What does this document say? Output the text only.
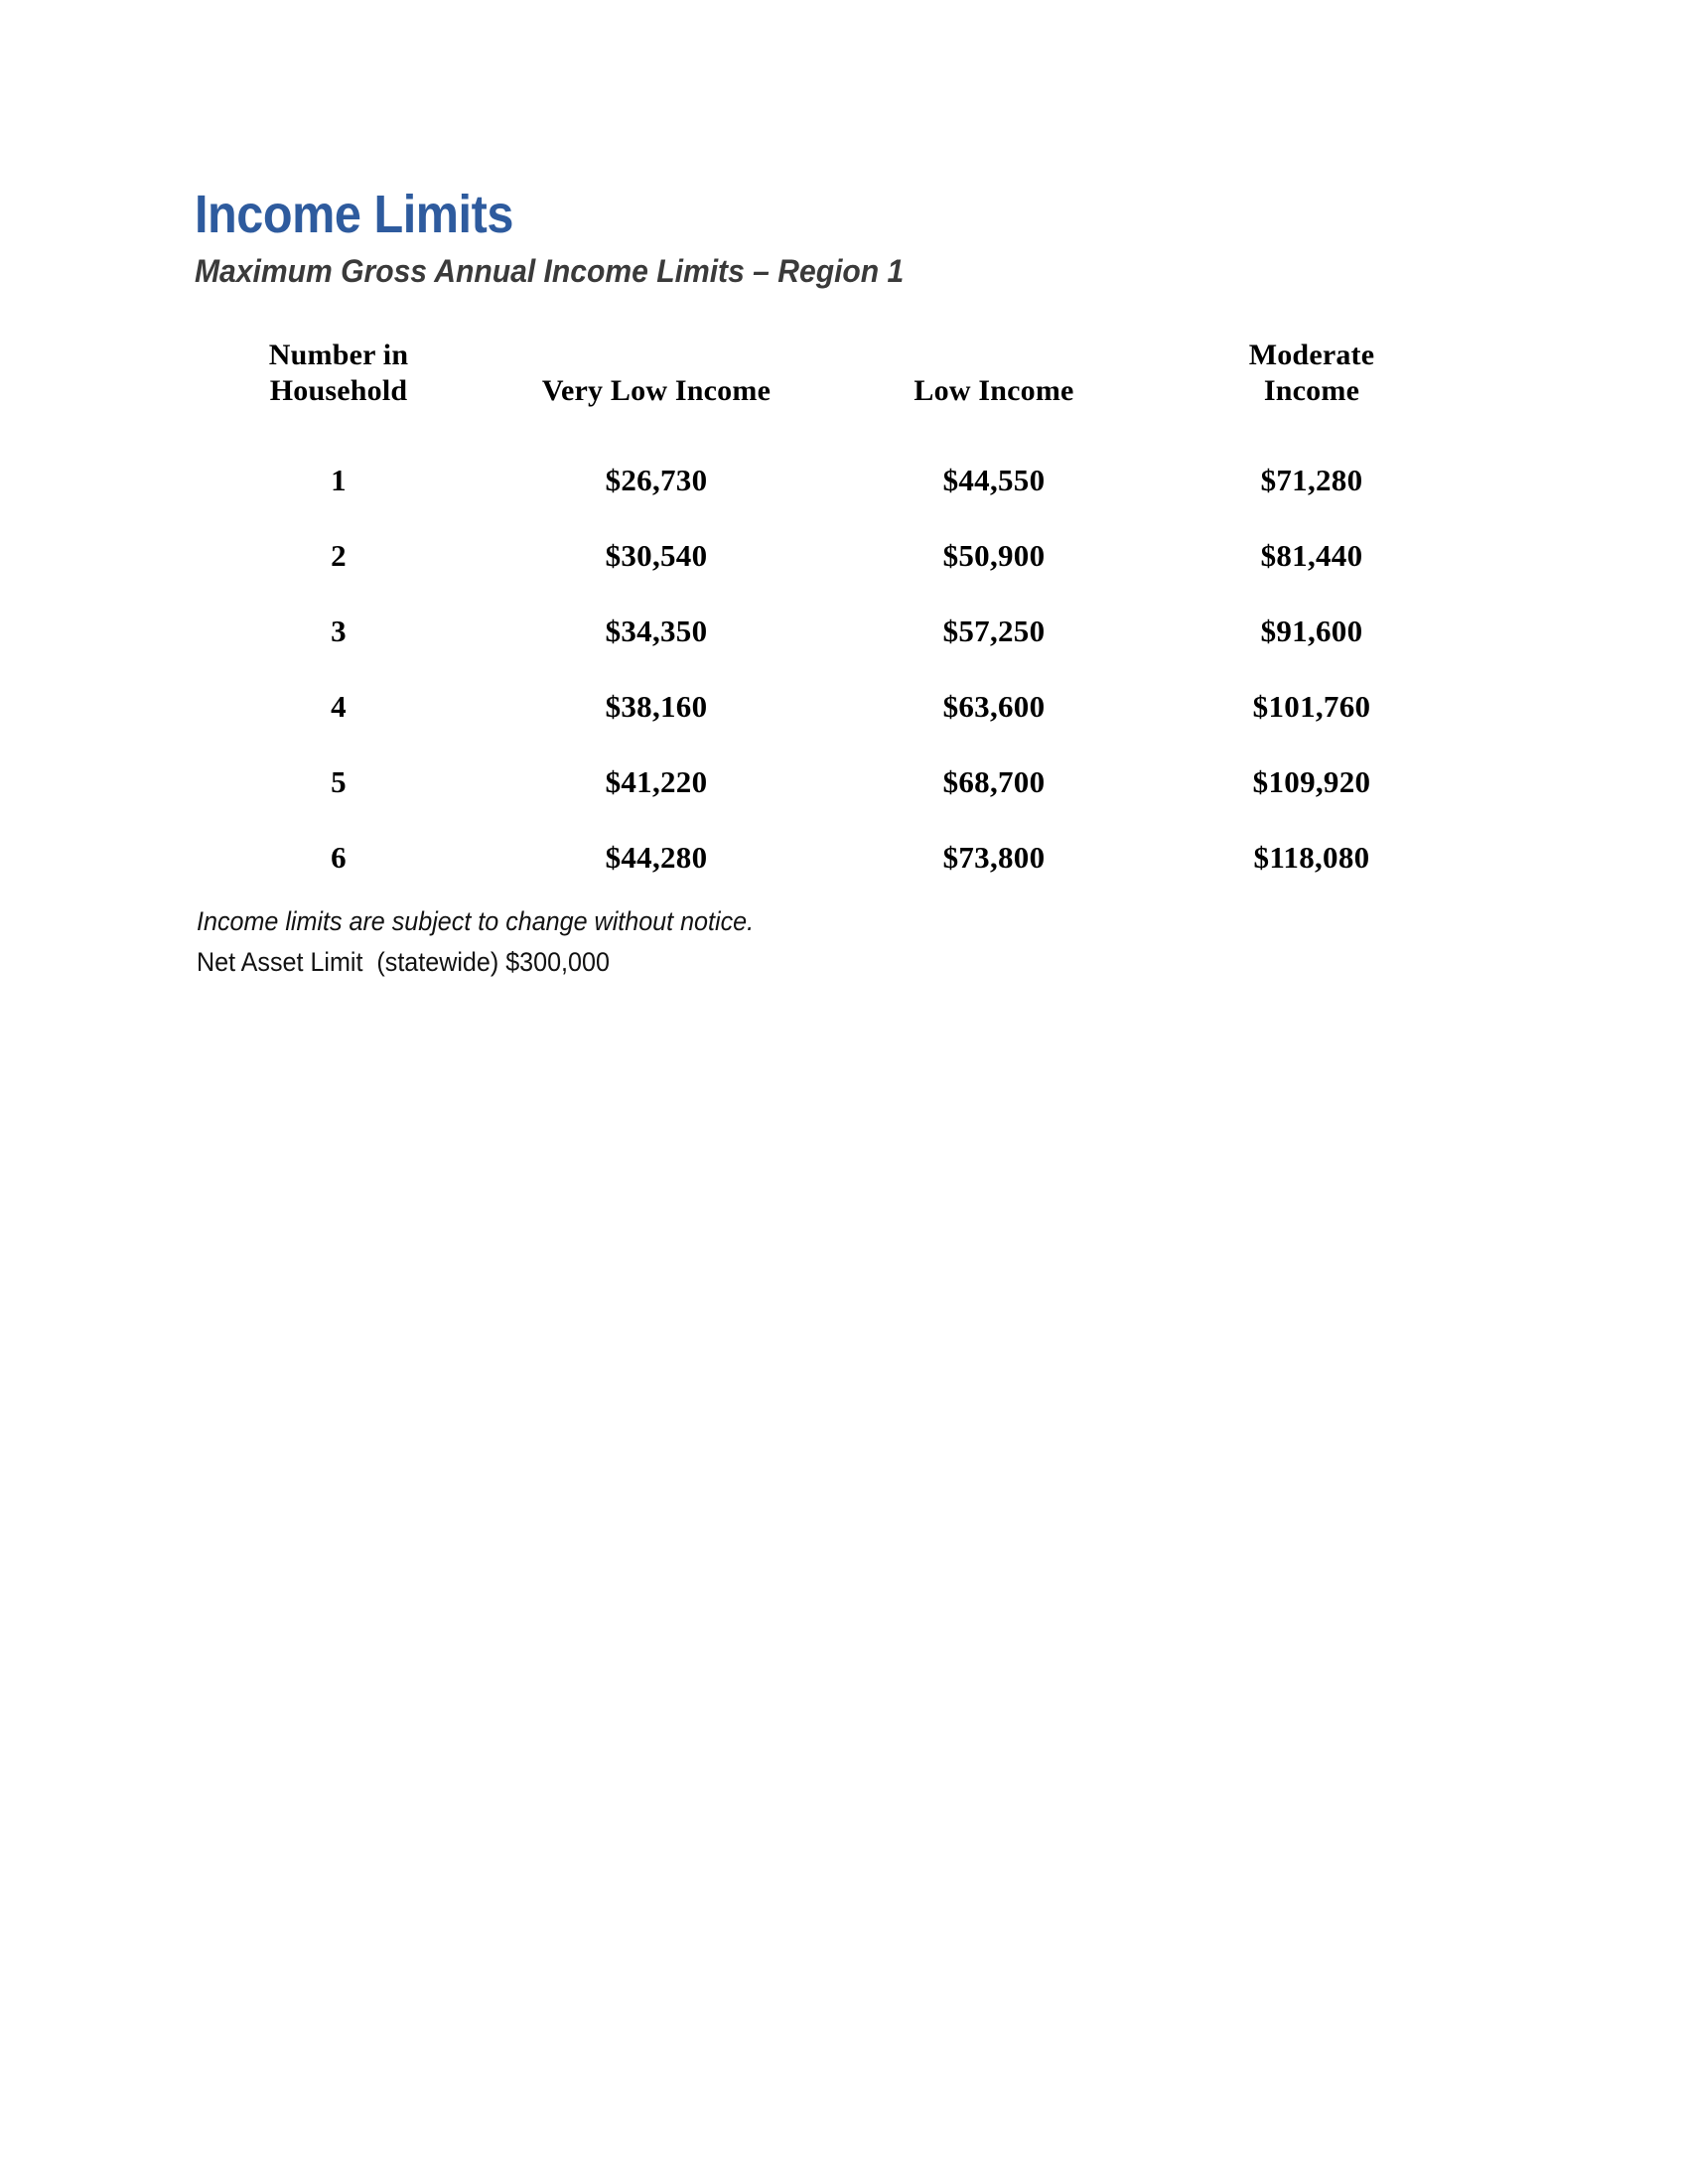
Income Limits
Maximum Gross Annual Income Limits – Region 1
Number in Household	Very Low Income	Low Income	Moderate Income

1	$26,730	$44,550	$71,280
2	$30,540	$50,900	$81,440
3	$34,350	$57,250	$91,600
4	$38,160	$63,600	$101,760
5	$41,220	$68,700	$109,920
6	$44,280	$73,800	$118,080
Income limits are subject to change without notice.
Net Asset Limit  (statewide) $300,000
